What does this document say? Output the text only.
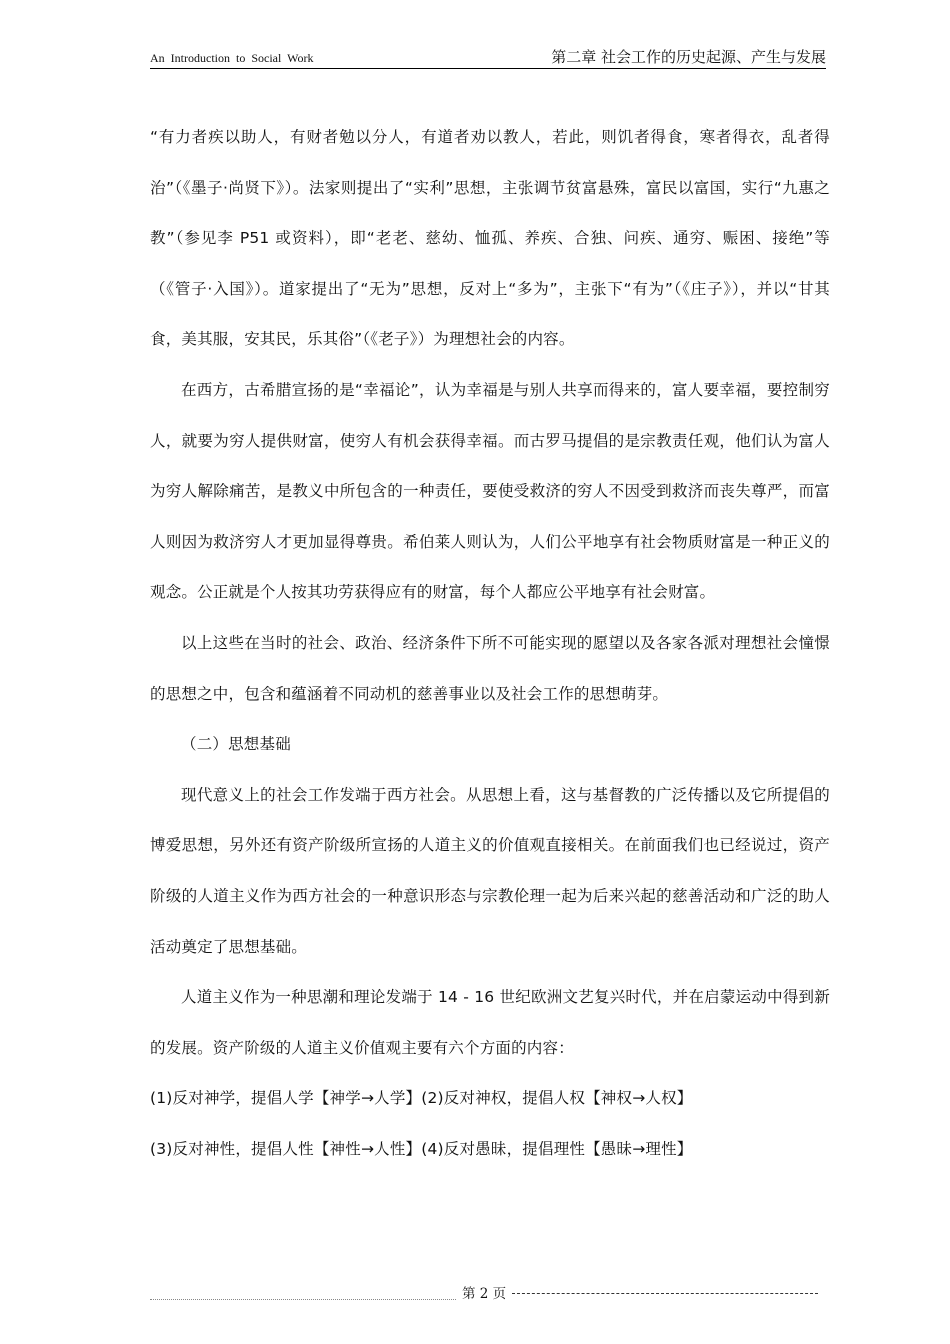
An Introduction to Social Work	第二章 社会工作的历史起源、产生与发展

“有力者疾以助人，有财者勉以分人，有道者劝以教人，若此，则饥者得食，寒者得衣，乱者得治”（《墨子·尚贤下》）。法家则提出了“实利”思想，主张调节贫富悬殊，富民以富国，实行“九惠之教”（参见李 P51 或资料），即“老老、慈幼、恤孤、养疾、合独、问疾、通穷、赈困、接绝”等（《管子·入国》）。道家提出了“无为”思想，反对上“多为”，主张下“有为”（《庄子》），并以“甘其食，美其服，安其民，乐其俗”（《老子》）为理想社会的内容。

在西方，古希腊宣扬的是“幸福论”，认为幸福是与别人共享而得来的，富人要幸福，要控制穷人，就要为穷人提供财富，使穷人有机会获得幸福。而古罗马提倡的是宗教责任观，他们认为富人为穷人解除痛苦，是教义中所包含的一种责任，要使受救济的穷人不因受到救济而丧失尊严，而富人则因为救济穷人才更加显得尊贵。希伯莱人则认为，人们公平地享有社会物质财富是一种正义的观念。公正就是个人按其功劳获得应有的财富，每个人都应公平地享有社会财富。

以上这些在当时的社会、政治、经济条件下所不可能实现的愿望以及各家各派对理想社会憧憬的思想之中，包含和蕴涵着不同动机的慈善事业以及社会工作的思想萌芽。

（二）思想基础

现代意义上的社会工作发端于西方社会。从思想上看，这与基督教的广泛传播以及它所提倡的博爱思想，另外还有资产阶级所宣扬的人道主义的价值观直接相关。在前面我们也已经说过，资产阶级的人道主义作为西方社会的一种意识形态与宗教伦理一起为后来兴起的慈善活动和广泛的助人活动奠定了思想基础。

人道主义作为一种思潮和理论发端于 14 - 16 世纪欧洲文艺复兴时代，并在启蒙运动中得到新的发展。资产阶级的人道主义价值观主要有六个方面的内容：

(1)反对神学，提倡人学【神学→人学】(2)反对神权，提倡人权【神权→人权】

(3)反对神性，提倡人性【神性→人性】(4)反对愚昧，提倡理性【愚昧→理性】

第 2 页
